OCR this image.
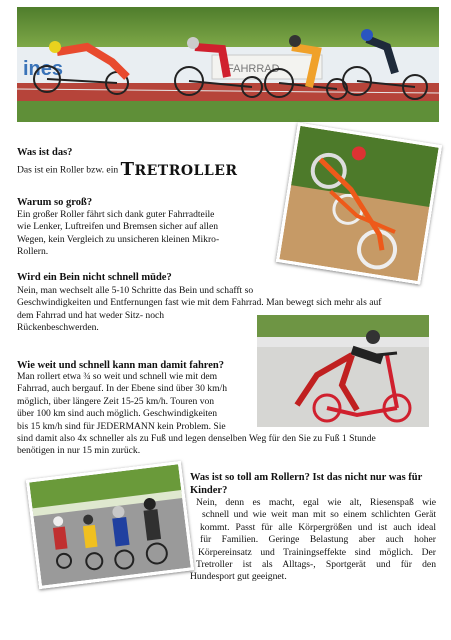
ines	FAHRRAD
Was ist das?
Das ist ein Roller bzw. ein TRETROLLER
Warum so groß?

Ein großer Roller fährt sich dank guter Fahrradteile

wie Lenker, Luftreifen und Bremsen sicher auf allen

Wegen, kein Vergleich zu unsicheren kleinen Mikro-

Rollern.

Wird ein Bein nicht schnell müde?

Nein, man wechselt alle 5-10 Schritte das Bein und schafft so

Geschwindigkeiten und Entfernungen fast wie mit dem Fahrrad. Man bewegt sich mehr als auf

dem Fahrrad und hat weder Sitz- noch

Rückenbeschwerden.

Wie weit und schnell kann man damit fahren?

Man rollert etwa ¾ so weit und schnell wie mit dem

Fahrrad, auch bergauf. In der Ebene sind über 30 km/h

möglich, über längere Zeit 15-25 km/h. Touren von

über 100 km sind auch möglich. Geschwindigkeiten

bis 15 km/h sind für JEDERMANN kein Problem. Sie

sind damit also 4x schneller als zu Fuß und legen denselben Weg für den Sie zu Fuß 1 Stunde

benötigen in nur 15 min zurück.

Was ist so toll am Rollern? Ist das nicht nur was für
Kinder?

Nein, denn es macht, egal wie alt, Riesenspaß wie

schnell und wie weit man mit so einem schlichten Gerät

kommt. Passt für alle Körpergrößen und ist auch ideal

für Familien. Geringe Belastung aber auch hoher

Körpereinsatz und Trainingseffekte sind möglich. Der

Tretroller ist als Alltags-, Sportgerät und für den

Hundesport gut geeignet.
